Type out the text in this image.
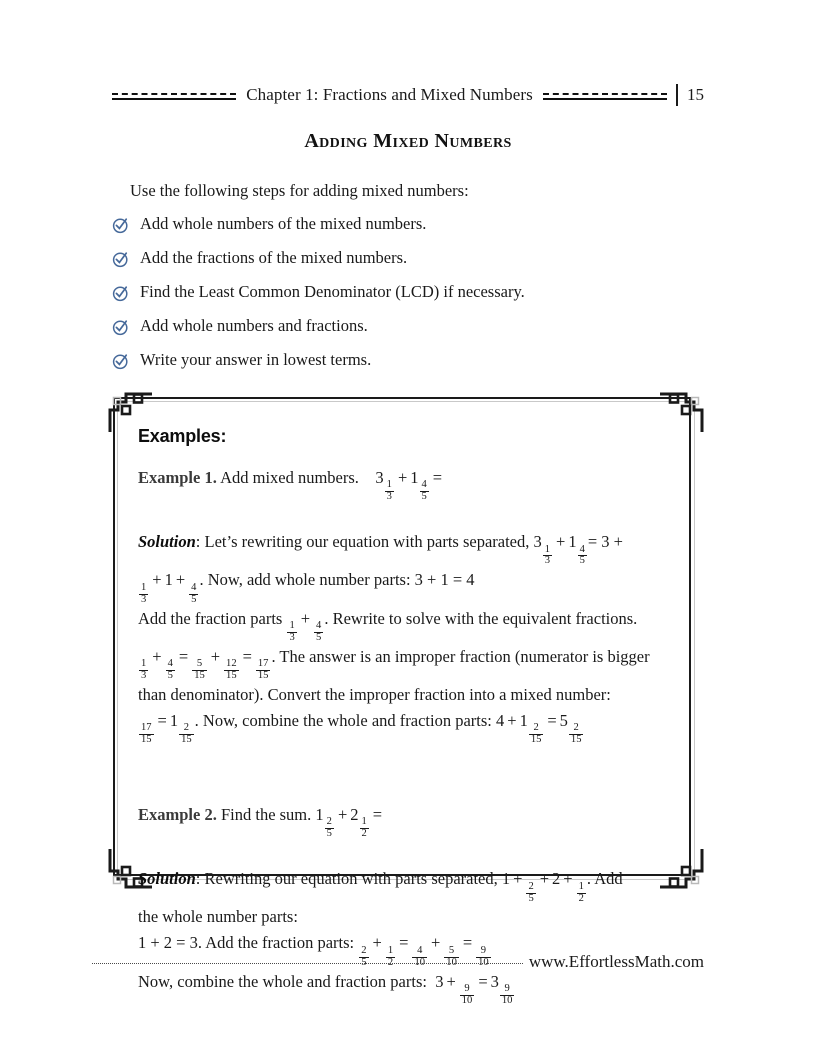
Chapter 1: Fractions and Mixed Numbers	15
Adding Mixed Numbers
Use the following steps for adding mixed numbers:
Add whole numbers of the mixed numbers.
Add the fractions of the mixed numbers.
Find the Least Common Denominator (LCD) if necessary.
Add whole numbers and fractions.
Write your answer in lowest terms.
Examples:
Example 1. Add mixed numbers. 3
$\frac{1}{3}$
+ 1
$\frac{4}{5}$
=
Solution: Let’s rewriting our equation with parts separated, 3
$\frac{1}{3}$
+ 1
$\frac{4}{5}$
= 3 +
$\frac{1}{3}$
+ 1 +
$\frac{4}{5}$
. Now, add whole number parts: 3 + 1 = 4
Add the fraction parts
$\frac{1}{3}$
+
$\frac{4}{5}$
. Rewrite to solve with the equivalent fractions.
$\frac{1}{3}$
+
$\frac{4}{5}$
=
$\frac{5}{15}$
+
$\frac{12}{15}$
=
$\frac{17}{15}$
. The answer is an improper fraction (numerator is bigger
than denominator). Convert the improper fraction into a mixed number:
$\frac{17}{15}$
= 1
$\frac{2}{15}$
. Now, combine the whole and fraction parts: 4 + 1
$\frac{2}{15}$
= 5
$\frac{2}{15}$
Example 2. Find the sum. 1
$\frac{2}{5}$
+ 2
$\frac{1}{2}$
=
Solution: Rewriting our equation with parts separated, 1 +
$\frac{2}{5}$
+ 2 +
$\frac{1}{2}$
. Add
the whole number parts:
1 + 2 = 3. Add the fraction parts:
$\frac{2}{5}$
+
$\frac{1}{2}$
=
$\frac{4}{10}$
+
$\frac{5}{10}$
=
$\frac{9}{10}$
Now, combine the whole and fraction parts: 3 +
$\frac{9}{10}$
= 3
$\frac{9}{10}$
www.EffortlessMath.com
